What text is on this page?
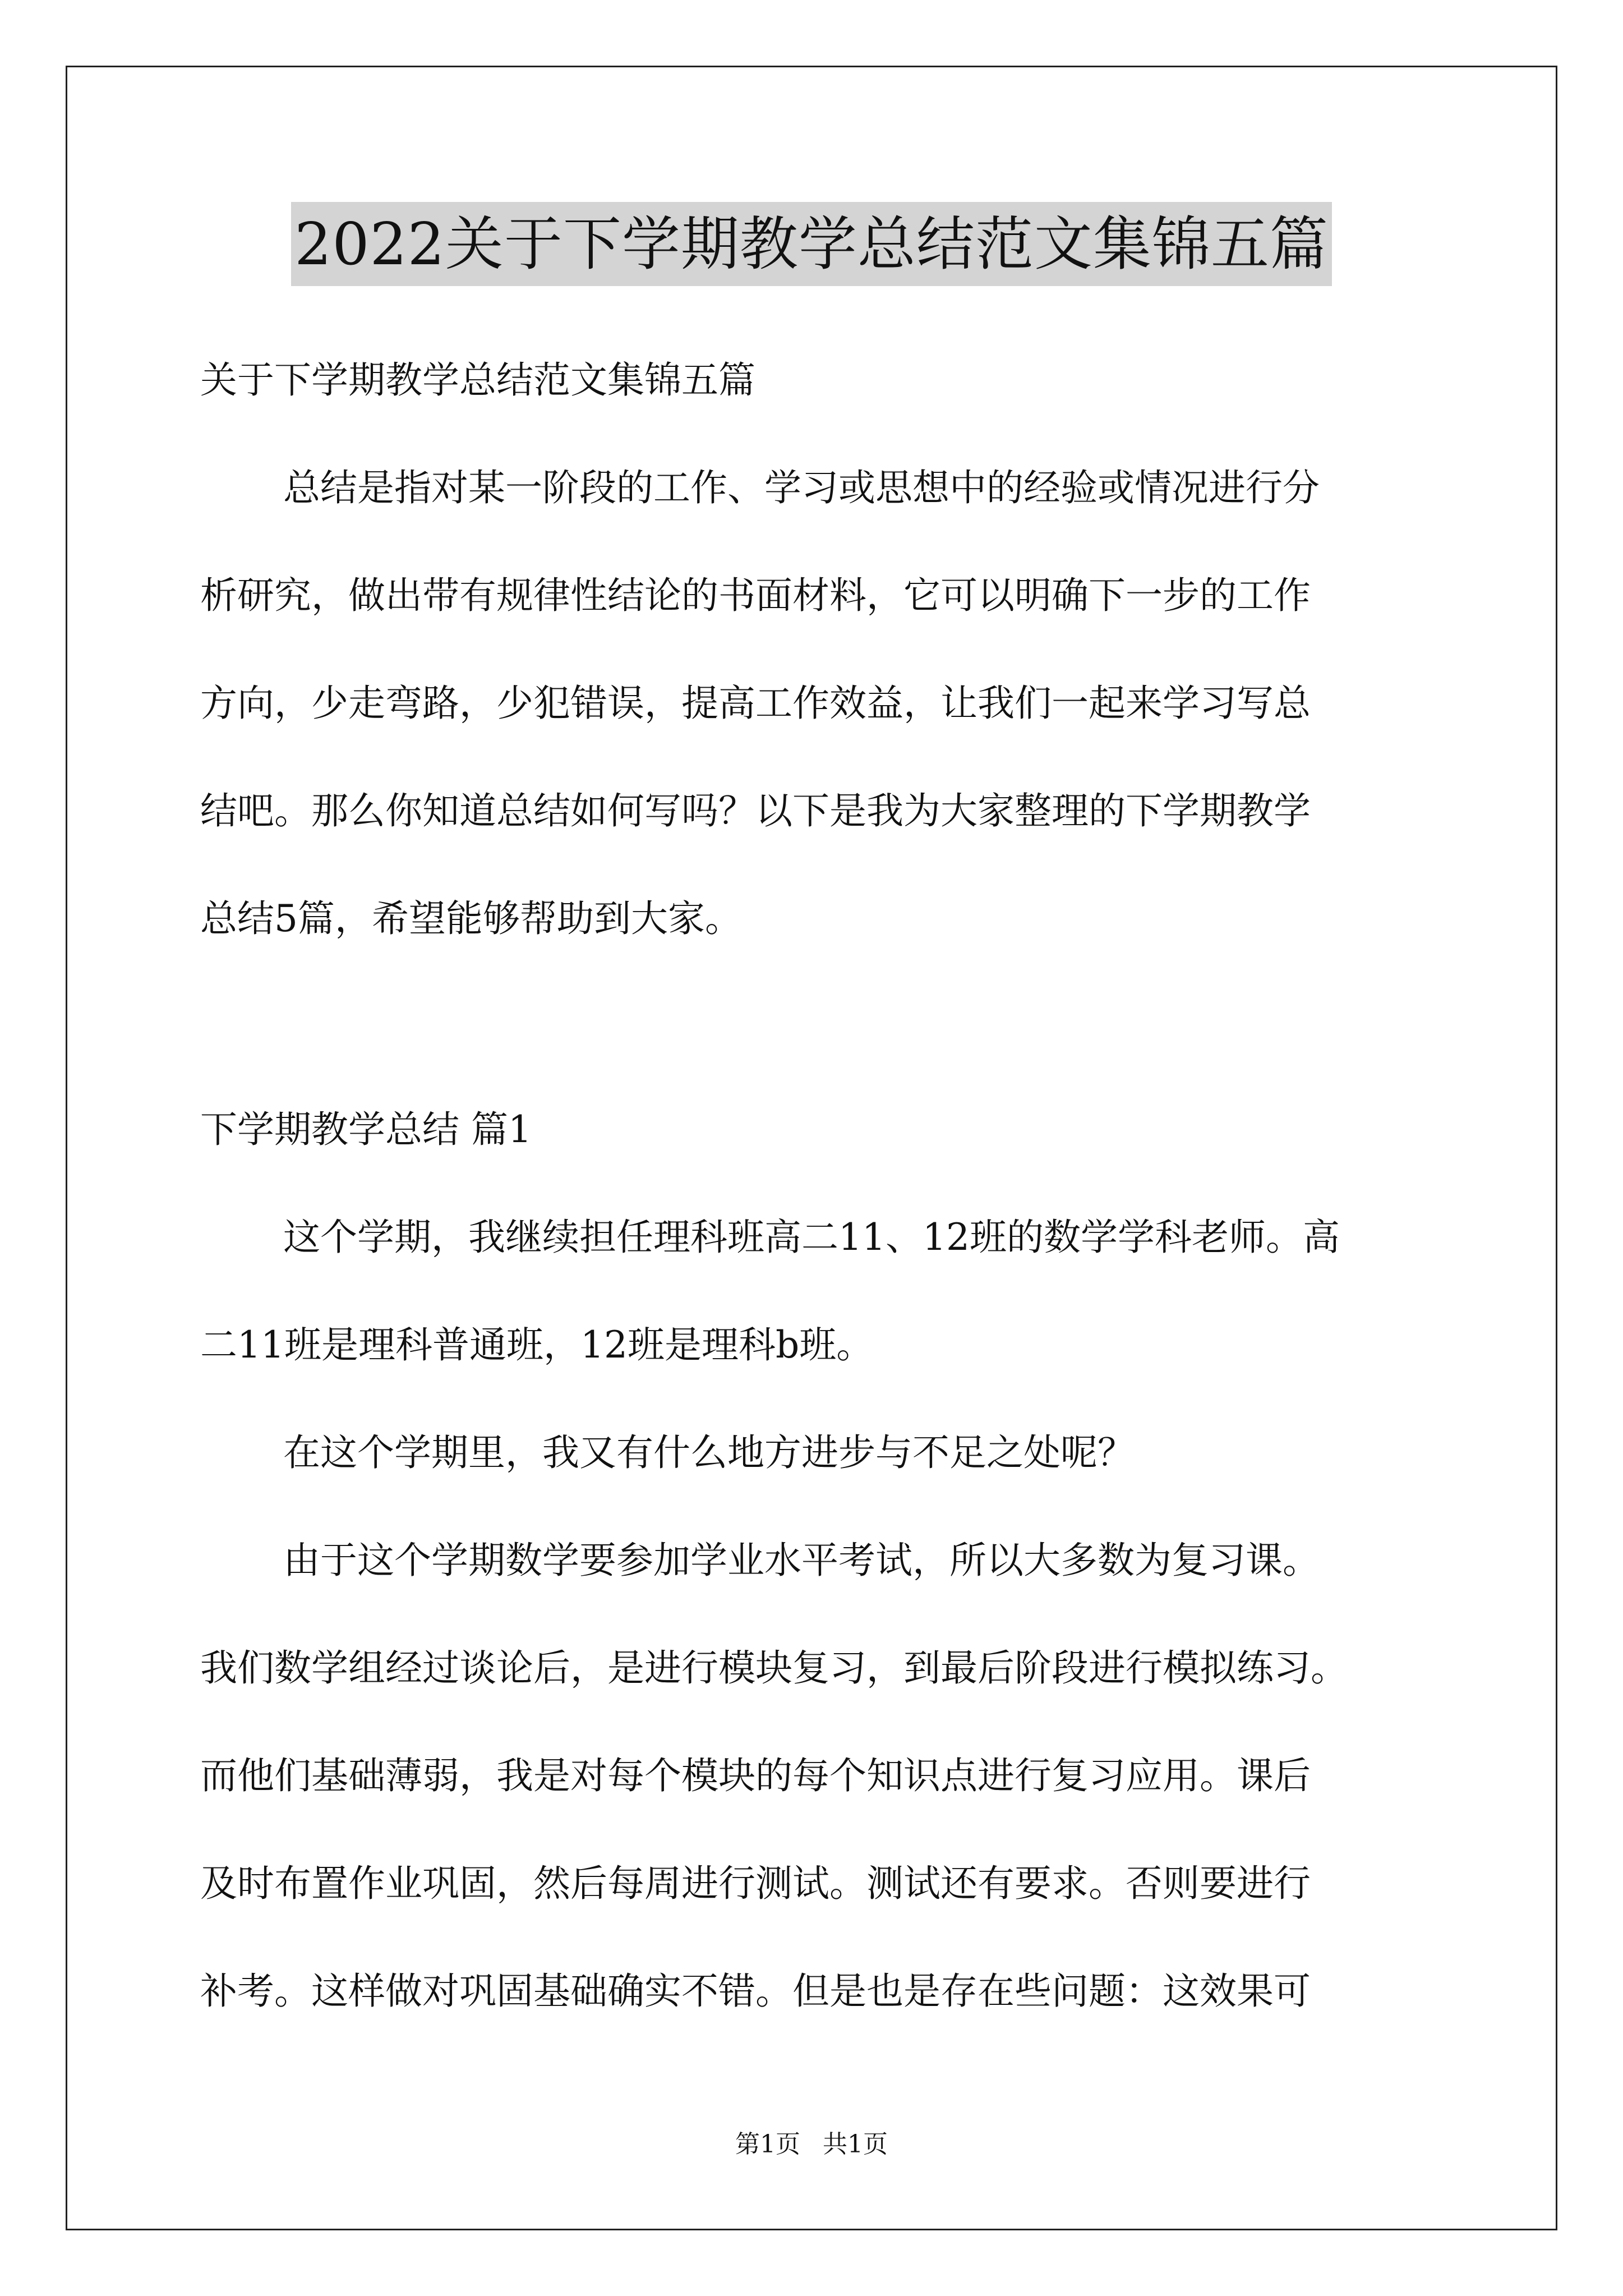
2022关于下学期教学总结范文集锦五篇
关于下学期教学总结范文集锦五篇
总结是指对某一阶段的工作、学习或思想中的经验或情况进行分
析研究，做出带有规律性结论的书面材料，它可以明确下一步的工作
方向，少走弯路，少犯错误，提高工作效益，让我们一起来学习写总
结吧。那么你知道总结如何写吗？以下是我为大家整理的下学期教学
总结5篇，希望能够帮助到大家。
下学期教学总结 篇1
这个学期，我继续担任理科班高二11、12班的数学学科老师。高
二11班是理科普通班，12班是理科b班。
在这个学期里，我又有什么地方进步与不足之处呢？
由于这个学期数学要参加学业水平考试，所以大多数为复习课。
我们数学组经过谈论后，是进行模块复习，到最后阶段进行模拟练习。
而他们基础薄弱，我是对每个模块的每个知识点进行复习应用。课后
及时布置作业巩固，然后每周进行测试。测试还有要求。否则要进行
补考。这样做对巩固基础确实不错。但是也是存在些问题：这效果可
第1页 共1页
